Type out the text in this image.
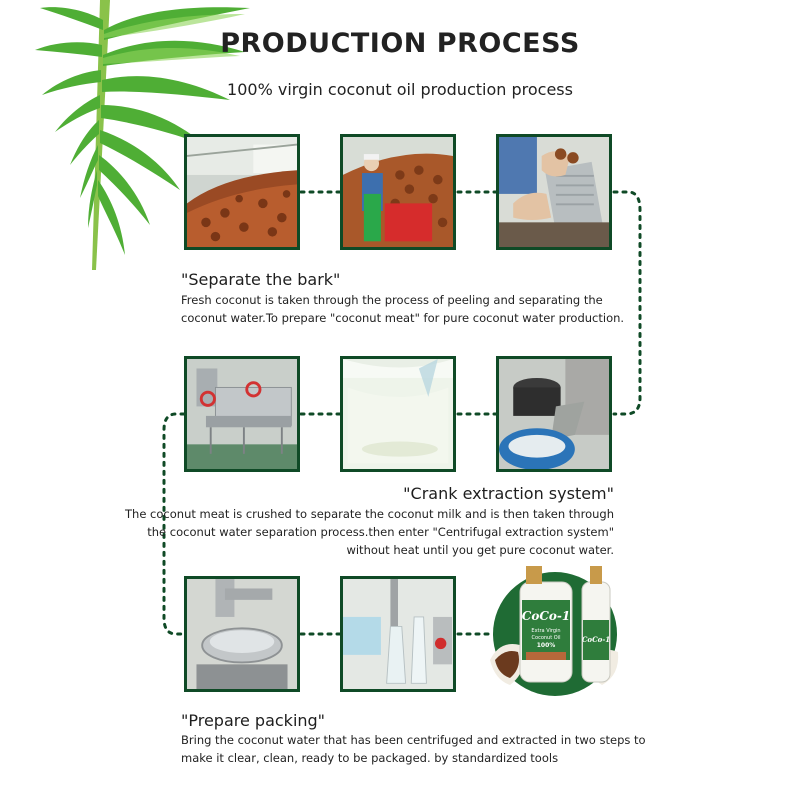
PRODUCTION PROCESS
100% virgin coconut oil production process
"Separate the bark"
Fresh coconut is taken through the process of peeling and separating the
coconut water.To prepare "coconut meat" for pure coconut water production.
"Crank extraction system"
The coconut meat is crushed to separate the coconut milk and is then taken through
the coconut water separation process.then enter "Centrifugal extraction system"
without heat until you get pure coconut water.
CoCo-1
Extra Virgin
Coconut Oil
100%
CoCo-1
"Prepare packing"
Bring the coconut water that has been centrifuged and extracted in two steps to
make it clear, clean, ready to be packaged. by standardized tools
